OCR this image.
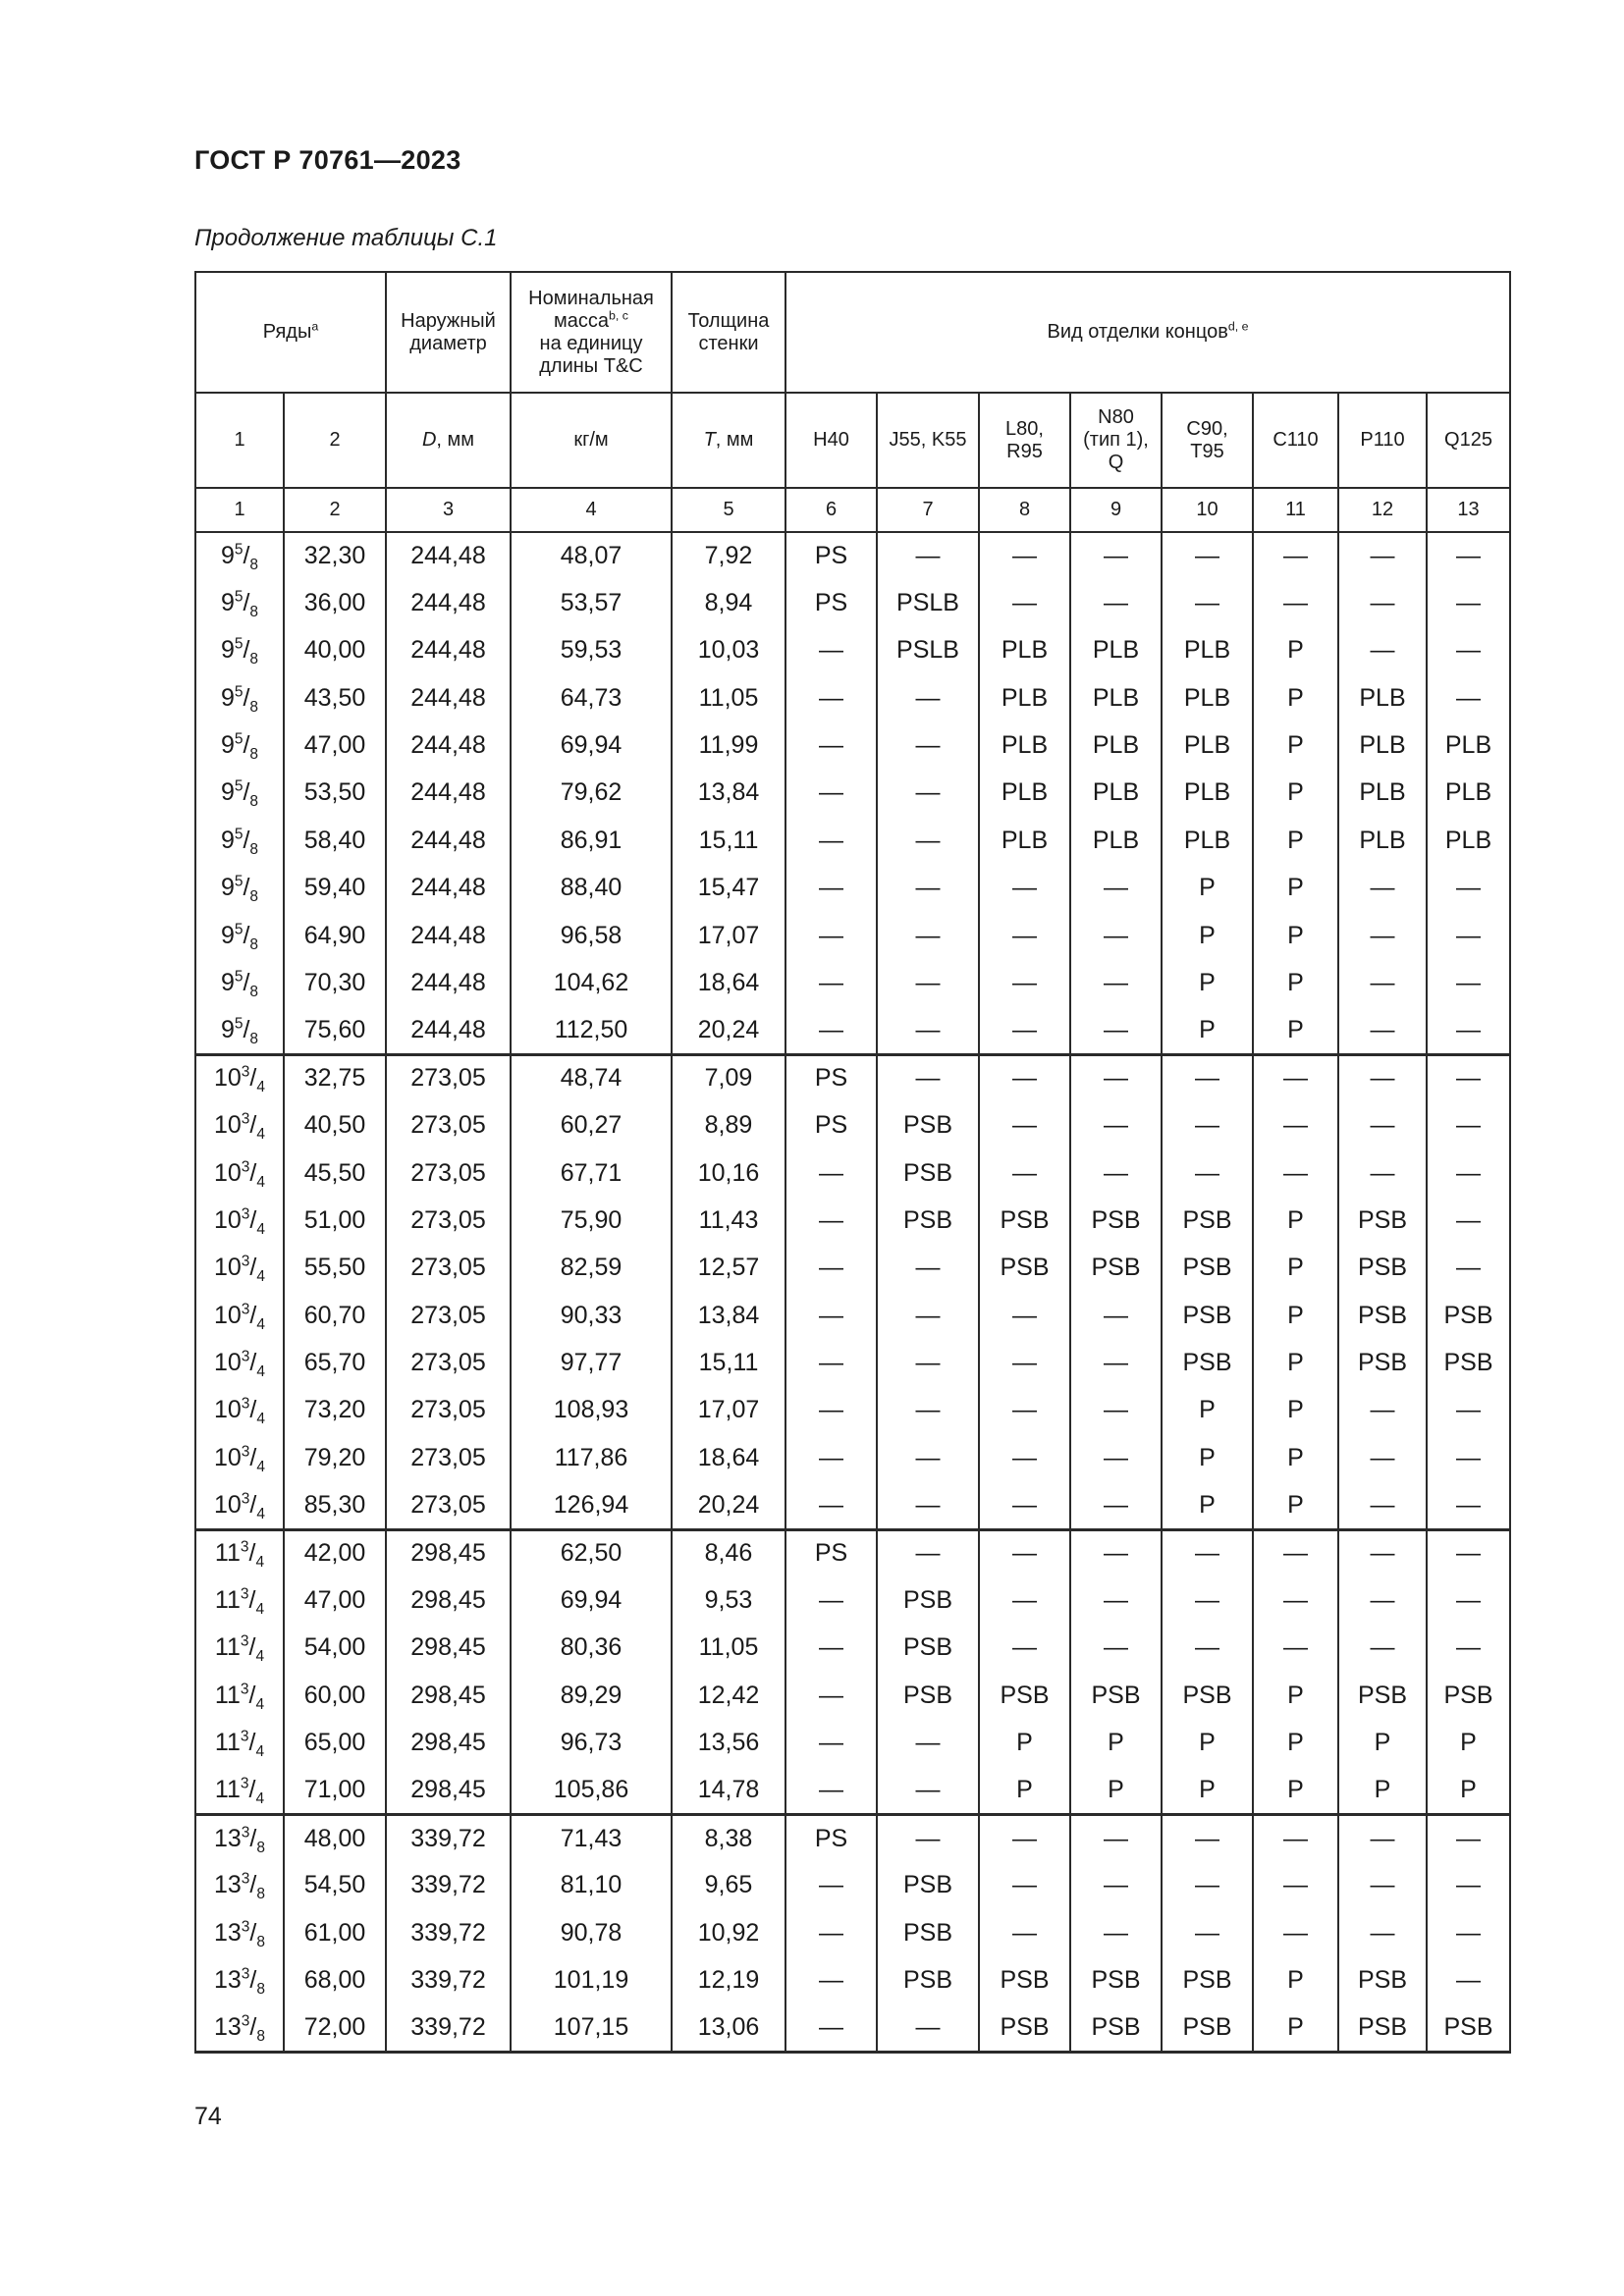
ГОСТ Р 70761—2023
Продолжение таблицы С.1
Ряды$^a$		Наружный диаметр	Номинальная
масса$^{b, c}$
на единицу длины T&C	Толщина стенки	Вид отделки концов$^{d, e}$
1	2	D, мм	кг/м	T, мм	H40	J55, K55	L80, R95	N80 (тип 1), Q	C90, T95	C110	P110	Q125
1	2	3	4	5	6	7	8	9	10	11	12	13
$9^5/_8$	32,30	244,48	48,07	7,92	PS	—	—	—	—	—	—	—
$9^5/_8$	36,00	244,48	53,57	8,94	PS	PSLB	—	—	—	—	—	—
$9^5/_8$	40,00	244,48	59,53	10,03	—	PSLB	PLB	PLB	PLB	P	—	—
$9^5/_8$	43,50	244,48	64,73	11,05	—	—	PLB	PLB	PLB	P	PLB	—
$9^5/_8$	47,00	244,48	69,94	11,99	—	—	PLB	PLB	PLB	P	PLB	PLB
$9^5/_8$	53,50	244,48	79,62	13,84	—	—	PLB	PLB	PLB	P	PLB	PLB
$9^5/_8$	58,40	244,48	86,91	15,11	—	—	PLB	PLB	PLB	P	PLB	PLB
$9^5/_8$	59,40	244,48	88,40	15,47	—	—	—	—	P	P	—	—
$9^5/_8$	64,90	244,48	96,58	17,07	—	—	—	—	P	P	—	—
$9^5/_8$	70,30	244,48	104,62	18,64	—	—	—	—	P	P	—	—
$9^5/_8$	75,60	244,48	112,50	20,24	—	—	—	—	P	P	—	—
$10^3/_4$	32,75	273,05	48,74	7,09	PS	—	—	—	—	—	—	—
$10^3/_4$	40,50	273,05	60,27	8,89	PS	PSB	—	—	—	—	—	—
$10^3/_4$	45,50	273,05	67,71	10,16	—	PSB	—	—	—	—	—	—
$10^3/_4$	51,00	273,05	75,90	11,43	—	PSB	PSB	PSB	PSB	P	PSB	—
$10^3/_4$	55,50	273,05	82,59	12,57	—	—	PSB	PSB	PSB	P	PSB	—
$10^3/_4$	60,70	273,05	90,33	13,84	—	—	—	—	PSB	P	PSB	PSB
$10^3/_4$	65,70	273,05	97,77	15,11	—	—	—	—	PSB	P	PSB	PSB
$10^3/_4$	73,20	273,05	108,93	17,07	—	—	—	—	P	P	—	—
$10^3/_4$	79,20	273,05	117,86	18,64	—	—	—	—	P	P	—	—
$10^3/_4$	85,30	273,05	126,94	20,24	—	—	—	—	P	P	—	—
$11^3/_4$	42,00	298,45	62,50	8,46	PS	—	—	—	—	—	—	—
$11^3/_4$	47,00	298,45	69,94	9,53	—	PSB	—	—	—	—	—	—
$11^3/_4$	54,00	298,45	80,36	11,05	—	PSB	—	—	—	—	—	—
$11^3/_4$	60,00	298,45	89,29	12,42	—	PSB	PSB	PSB	PSB	P	PSB	PSB
$11^3/_4$	65,00	298,45	96,73	13,56	—	—	P	P	P	P	P	P
$11^3/_4$	71,00	298,45	105,86	14,78	—	—	P	P	P	P	P	P
$13^3/_8$	48,00	339,72	71,43	8,38	PS	—	—	—	—	—	—	—
$13^3/_8$	54,50	339,72	81,10	9,65	—	PSB	—	—	—	—	—	—
$13^3/_8$	61,00	339,72	90,78	10,92	—	PSB	—	—	—	—	—	—
$13^3/_8$	68,00	339,72	101,19	12,19	—	PSB	PSB	PSB	PSB	P	PSB	—
$13^3/_8$	72,00	339,72	107,15	13,06	—	—	PSB	PSB	PSB	P	PSB	PSB
74
